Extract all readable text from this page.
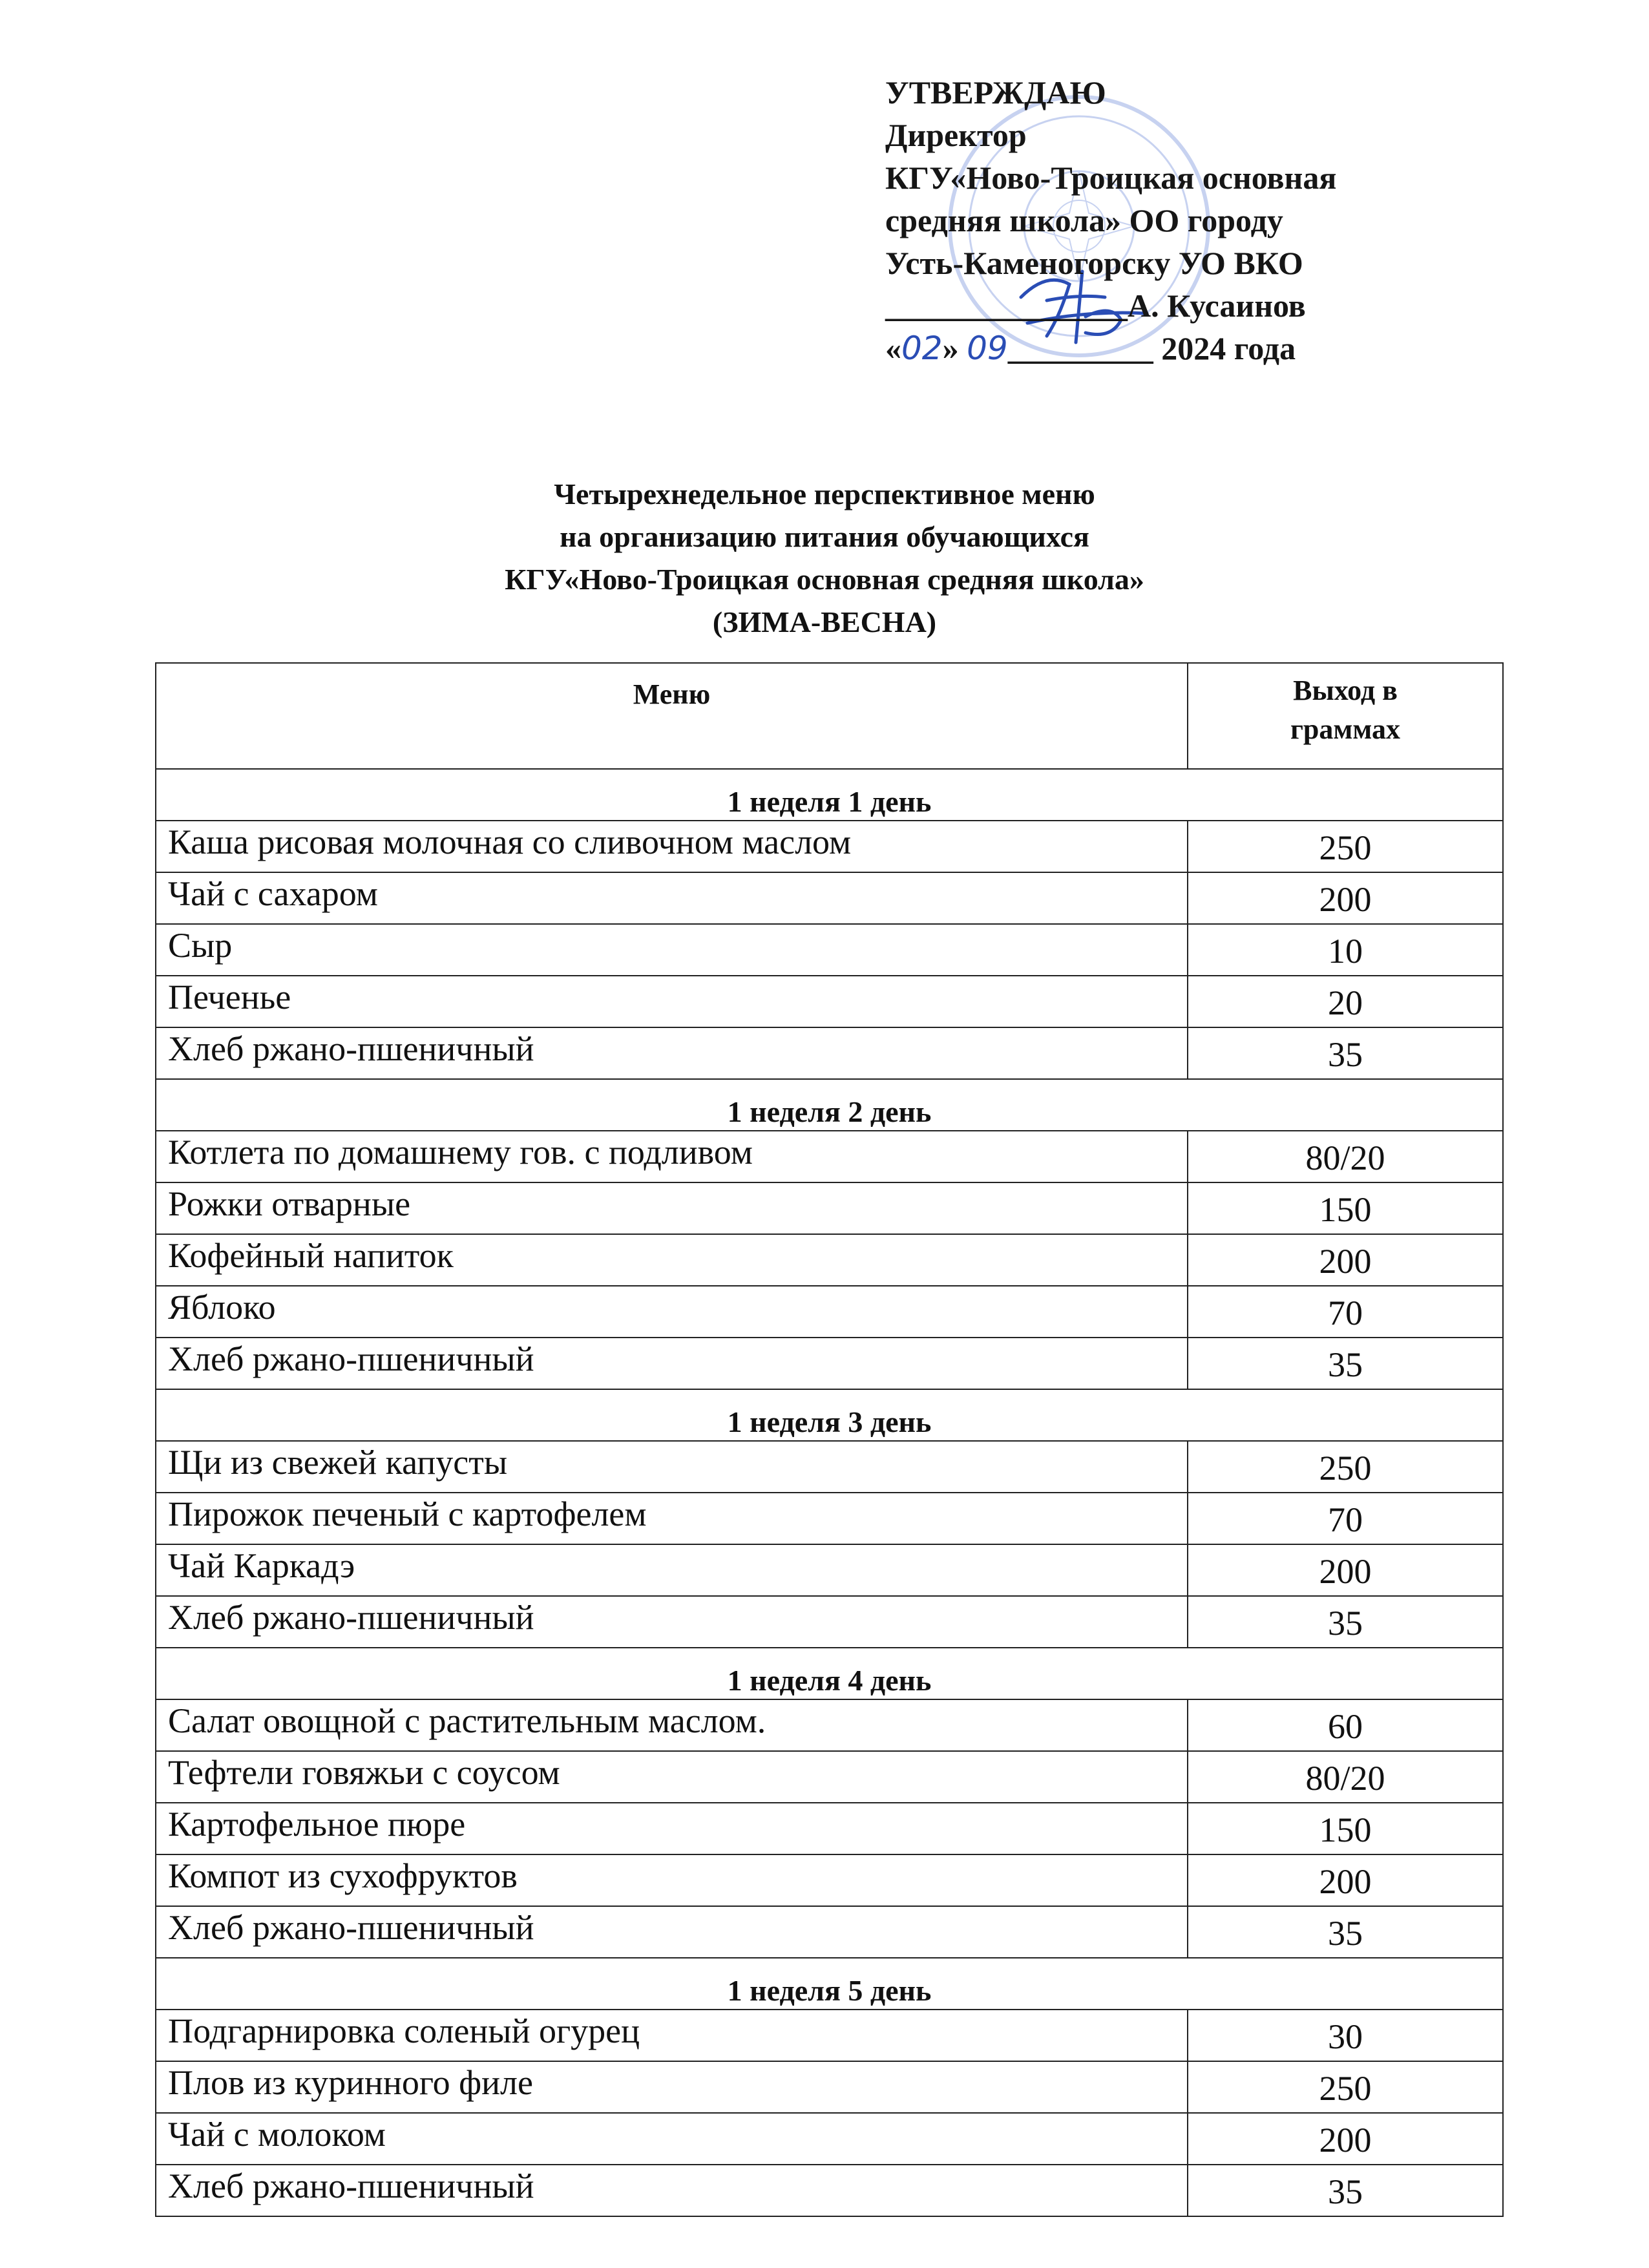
УТВЕРЖДАЮ
Директор
КГУ«Ново-Троицкая основная
средняя школа» ОО городу
Усть-Каменогорску УО ВКО
_______________А. Кусаинов
«02» 09_________ 2024 года
Четырехнедельное перспективное меню
на организацию питания обучающихся
КГУ«Ново-Троицкая основная средняя школа»
(ЗИМА-ВЕСНА)
Меню	Выход в
граммах

1 неделя 1 день	
Каша рисовая молочная со сливочном маслом	250
Чай с сахаром	200
Сыр	10
Печенье	20
Хлеб ржано-пшеничный	35
1 неделя 2 день	
Котлета по домашнему гов. с подливом	80/20
Рожки отварные	150
Кофейный напиток	200
Яблоко	70
Хлеб ржано-пшеничный	35
1 неделя 3 день	
Щи из свежей капусты	250
Пирожок печеный с картофелем	70
Чай Каркадэ	200
Хлеб ржано-пшеничный	35
1 неделя 4 день	
Салат овощной с растительным маслом.	60
Тефтели говяжьи с соусом	80/20
Картофельное пюре	150
Компот из сухофруктов	200
Хлеб ржано-пшеничный	35
1 неделя 5 день	
Подгарнировка соленый огурец	30
Плов из куринного филе	250
Чай с молоком	200
Хлеб ржано-пшеничный	35
